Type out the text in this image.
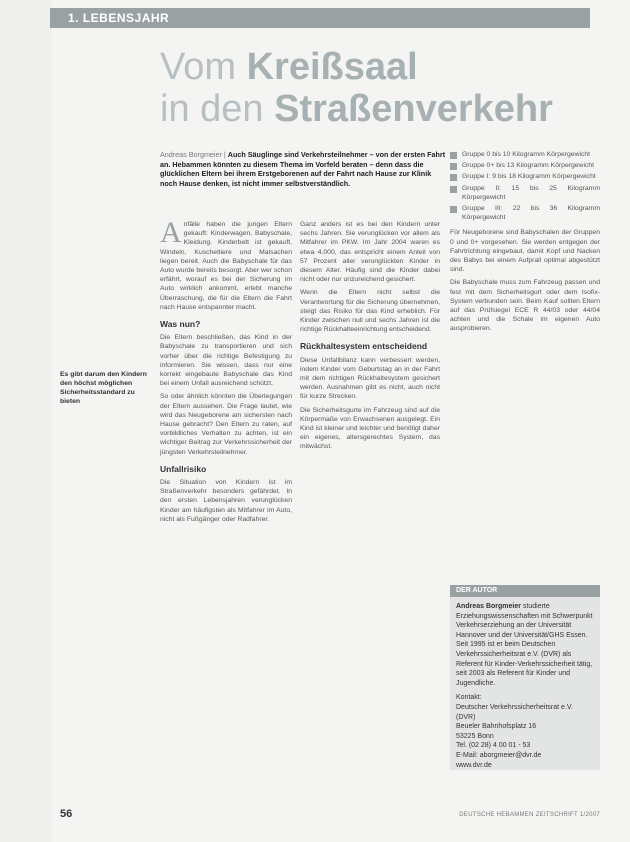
1. LEBENSJAHR
Vom Kreißsaal
in den Straßenverkehr
Andreas Borgmeier | Auch Säuglinge sind Verkehrsteilnehmer – von der ersten Fahrt an. Hebammen könnten zu diesem Thema im Vorfeld beraten – denn dass die glücklichen Eltern bei ihrem Erstgeborenen auf der Fahrt nach Hause zur Klinik noch Hause denken, ist nicht immer selbstverständlich.
Es gibt darum den Kindern den höchst möglichen Sicherheitsstandard zu bieten

Anfälle haben die jungen Eltern gekauft: Kinderwagen, Babyschale, Kleidung. Kinderbett ist gekauft, Windeln, Kuscheltiere und Malsachen liegen bereit. Auch die Babyschale für das Auto wurde bereits besorgt. Aber wer schon erfährt, worauf es bei der Sicherung im Auto wirklich ankommt, erlebt manche Überraschung, die für die Eltern die Fahrt nach Hause entspannter macht.

Was nun?

Die Eltern beschließen, das Kind in der Babyschale zu transportieren und sich vorher über die richtige Befestigung zu informieren. Sie wissen, dass nur eine korrekt eingebaute Babyschale das Kind bei einem Unfall ausreichend schützt.

So oder ähnlich könnten die Überlegungen der Eltern aussehen. Die Frage lautet, wie wird das Neugeborene am sichersten nach Hause gebracht? Den Eltern zu raten, auf vorbildliches Verhalten zu achten, ist ein wichtiger Beitrag zur Verkehrssicherheit der jüngsten Verkehrsteilnehmer.

Unfallrisiko

Die Situation von Kindern ist im Straßenverkehr besonders gefährdet. In den ersten Lebensjahren verunglücken Kinder am häufigsten als Mitfahrer im Auto, nicht als Fußgänger oder Radfahrer.

Ganz anders ist es bei den Kindern unter sechs Jahren. Sie verunglücken vor allem als Mitfahrer im PKW. Im Jahr 2004 waren es etwa 4.000, das entspricht einem Anteil von 57 Prozent aller verunglückten Kinder in diesem Alter. Häufig sind die Kinder dabei nicht oder nur unzureichend gesichert.

Wenn die Eltern nicht selbst die Verantwortung für die Sicherung übernehmen, steigt das Risiko für das Kind erheblich. Für Kinder zwischen null und sechs Jahren ist die richtige Rückhalteeinrichtung entscheidend.

Rückhaltesystem entscheidend

Diese Unfallbilanz kann verbessert werden, indem Kinder vom Geburtstag an in der Fahrt mit dem richtigen Rückhaltesystem gesichert werden. Ausnahmen gibt es nicht, auch nicht für kurze Strecken.

Die Sicherheitsgurte im Fahrzeug sind auf die Körpermaße von Erwachsenen ausgelegt. Ein Kind ist kleiner und leichter und benötigt daher ein eigenes, altersgerechtes System, das mitwächst.

Gruppe 0 bis 10 Kilogramm Körpergewicht
Gruppe 0+ bis 13 Kilogramm Körpergewicht
Gruppe I: 9 bis 18 Kilogramm Körpergewicht
Gruppe II: 15 bis 25 Kilogramm Körpergewicht
Gruppe III: 22 bis 36 Kilogramm Körpergewicht

Für Neugeborene sind Babyschalen der Gruppen 0 und 0+ vorgesehen. Sie werden entgegen der Fahrtrichtung eingebaut, damit Kopf und Nacken des Babys bei einem Aufprall optimal abgestützt sind.

Die Babyschale muss zum Fahrzeug passen und fest mit dem Sicherheitsgurt oder dem Isofix-System verbunden sein. Beim Kauf sollten Eltern auf das Prüfsiegel ECE R 44/03 oder 44/04 achten und die Schale im eigenen Auto ausprobieren.

DER AUTOR
Andreas Borgmeier studierte Erziehungswissenschaften mit Schwerpunkt Verkehrserziehung an der Universität Hannover und der Universität/GHS Essen. Seit 1995 ist er beim Deutschen Verkehrssicherheitsrat e.V. (DVR) als Referent für Kinder-Verkehrssicherheit tätig, seit 2003 als Referent für Kinder und Jugendliche.
Kontakt:
Deutscher Verkehrssicherheitsrat e.V. (DVR)
Beueler Bahnhofsplatz 16
53225 Bonn
Tel. (02 28) 4 00 01 - 53
E-Mail: aborgmeier@dvr.de
www.dvr.de
56	DEUTSCHE HEBAMMEN ZEITSCHRIFT 1/2007
